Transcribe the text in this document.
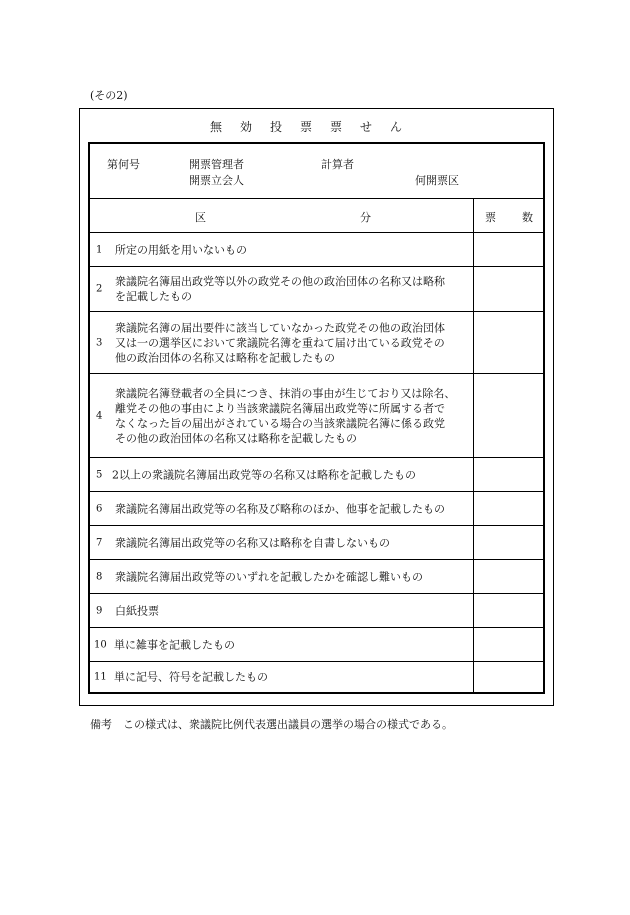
(その2)
無効投票票せん
第何号	開票管理者	計算者
開票立会人	何開票区
区	分	票 数
1 所定の用紙を用いないもの
2
衆議院名簿届出政党等以外の政党その他の政治団体の名称又は略称
を記載したもの
3
衆議院名簿の届出要件に該当していなかった政党その他の政治団体
又は一の選挙区において衆議院名簿を重ねて届け出ている政党その
他の政治団体の名称又は略称を記載したもの
4
衆議院名簿登載者の全員につき、抹消の事由が生じており又は除名、
離党その他の事由により当該衆議院名簿届出政党等に所属する者で
なくなった旨の届出がされている場合の当該衆議院名簿に係る政党
その他の政治団体の名称又は略称を記載したもの
5 2以上の衆議院名簿届出政党等の名称又は略称を記載したもの
6 衆議院名簿届出政党等の名称及び略称のほか、他事を記載したもの
7 衆議院名簿届出政党等の名称又は略称を自書しないもの
8 衆議院名簿届出政党等のいずれを記載したかを確認し難いもの
9 白紙投票
10 単に雑事を記載したもの
11 単に記号、符号を記載したもの
備考　この様式は、衆議院比例代表選出議員の選挙の場合の様式である。
